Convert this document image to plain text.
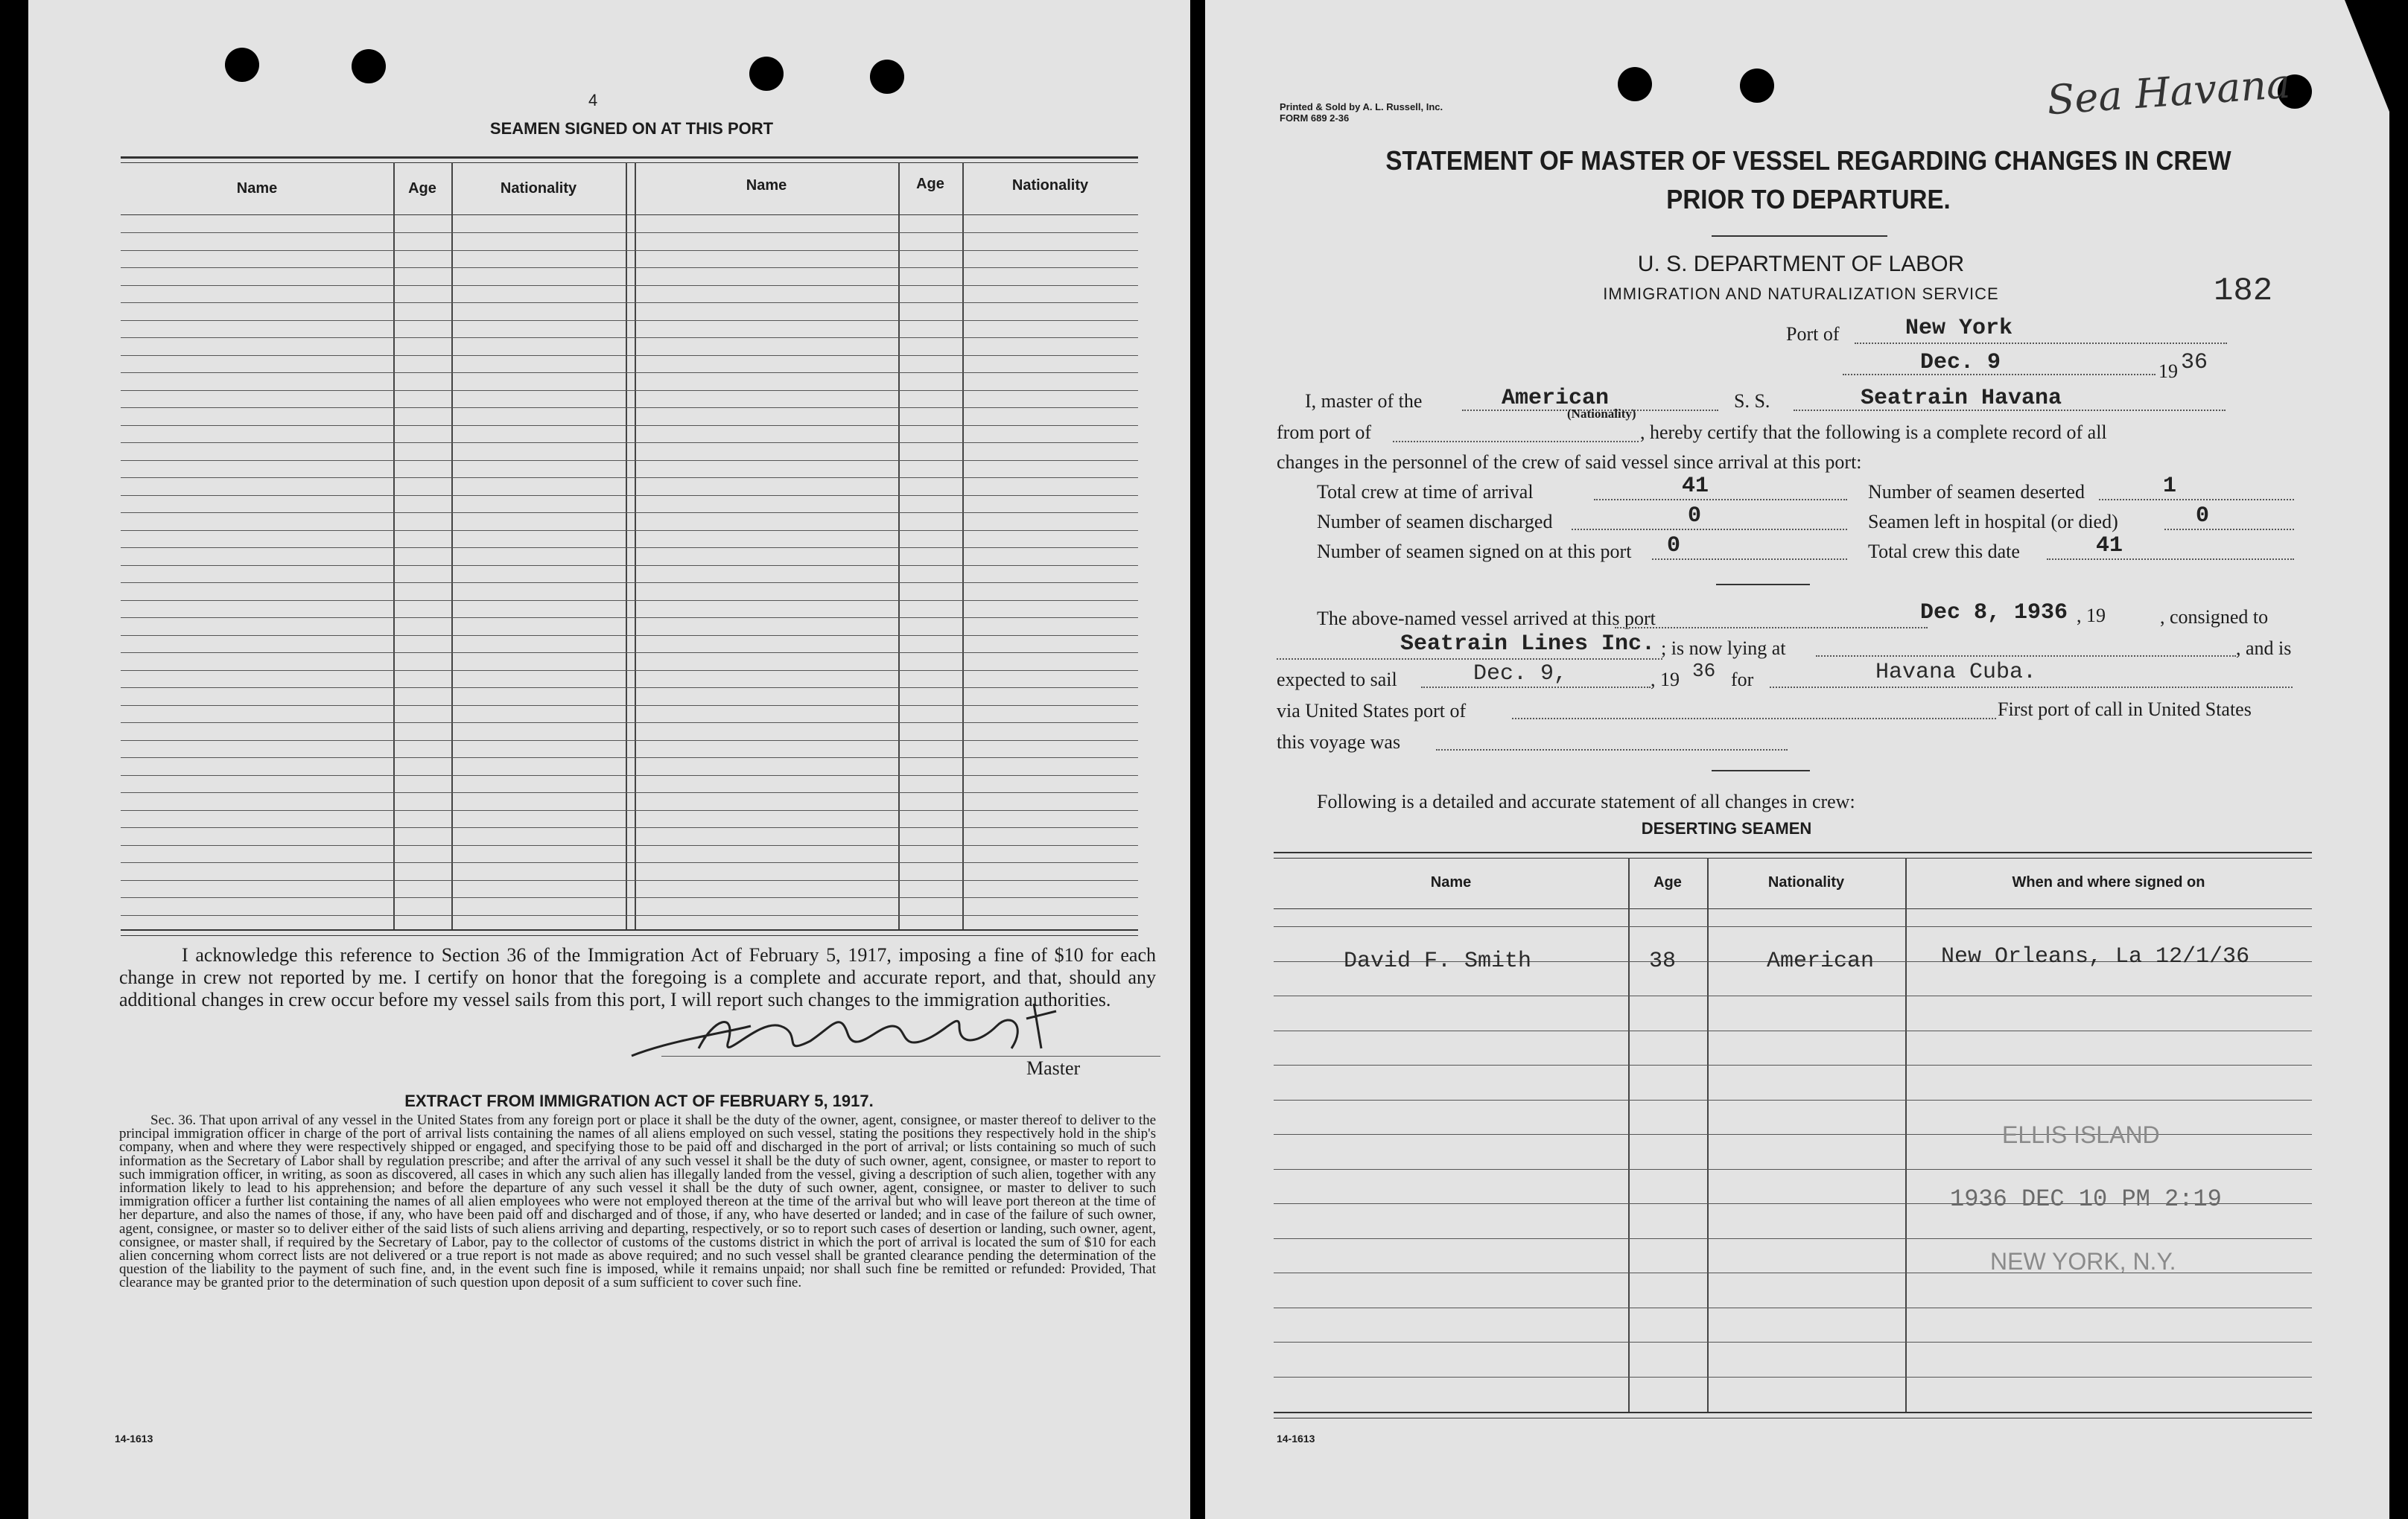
4
SEAMEN SIGNED ON AT THIS PORT
Name	Age	Nationality	Name	Age	Nationality
I acknowledge this reference to Section 36 of the Immigration Act of February 5, 1917, imposing a fine of $10 for each change in crew not reported by me. I certify on honor that the foregoing is a complete and accurate report, and that, should any additional changes in crew occur before my vessel sails from this port, I will report such changes to the immigration authorities.
Master
EXTRACT FROM IMMIGRATION ACT OF FEBRUARY 5, 1917.
Sec. 36. That upon arrival of any vessel in the United States from any foreign port or place it shall be the duty of the owner, agent, consignee, or master thereof to deliver to the principal immigration officer in charge of the port of arrival lists containing the names of all aliens employed on such vessel, stating the positions they respectively hold in the ship's company, when and where they were respectively shipped or engaged, and specifying those to be paid off and discharged in the port of arrival; or lists containing so much of such information as the Secretary of Labor shall by regulation prescribe; and after the arrival of any such vessel it shall be the duty of such owner, agent, consignee, or master to report to such immigration officer, in writing, as soon as discovered, all cases in which any such alien has illegally landed from the vessel, giving a description of such alien, together with any information likely to lead to his apprehension; and before the departure of any such vessel it shall be the duty of such owner, agent, consignee, or master to deliver to such immigration officer a further list containing the names of all alien employees who were not employed thereon at the time of the arrival but who will leave port thereon at the time of her departure, and also the names of those, if any, who have been paid off and discharged and of those, if any, who have deserted or landed; and in case of the failure of such owner, agent, consignee, or master so to deliver either of the said lists of such aliens arriving and departing, respectively, or so to report such cases of desertion or landing, such owner, agent, consignee, or master shall, if required by the Secretary of Labor, pay to the collector of customs of the customs district in which the port of arrival is located the sum of $10 for each alien concerning whom correct lists are not delivered or a true report is not made as above required; and no such vessel shall be granted clearance pending the determination of the question of the liability to the payment of such fine, and, in the event such fine is imposed, while it remains unpaid; nor shall such fine be remitted or refunded: Provided, That clearance may be granted prior to the determination of such question upon deposit of a sum sufficient to cover such fine.
14-1613
Printed & Sold by A. L. Russell, Inc.
FORM 689 2-36	Sea Havana
STATEMENT OF MASTER OF VESSEL REGARDING CHANGES IN CREW
PRIOR TO DEPARTURE.
U. S. DEPARTMENT OF LABOR
IMMIGRATION AND NATURALIZATION SERVICE	182
Port of	New York
Dec. 9	19 36
I, master of the	American
(Nationality)
S. S.	Seatrain Havana
from port of	, hereby certify that the following is a complete record of all
changes in the personnel of the crew of said vessel since arrival at this port:
Total crew at time of arrival	41	Number of seamen deserted	1
Number of seamen discharged	0	Seamen left in hospital (or died)	0
Number of seamen signed on at this port 0	Total crew this date	41
The above-named vessel arrived at this port	Dec 8, 1936 , 19	, consigned to
Seatrain Lines Inc. ; is now lying at	, and is
expected to sail	Dec. 9,	, 19 36 for	Havana Cuba.
via United States port of	First port of call in United States
this voyage was
Following is a detailed and accurate statement of all changes in crew:
DESERTING SEAMEN
Name	Age	Nationality	When and where signed on
David F. Smith	38	American	New Orleans, La 12/1/36
ELLIS ISLAND
1936 DEC 10 PM 2:19
NEW YORK, N.Y.
14-1613
